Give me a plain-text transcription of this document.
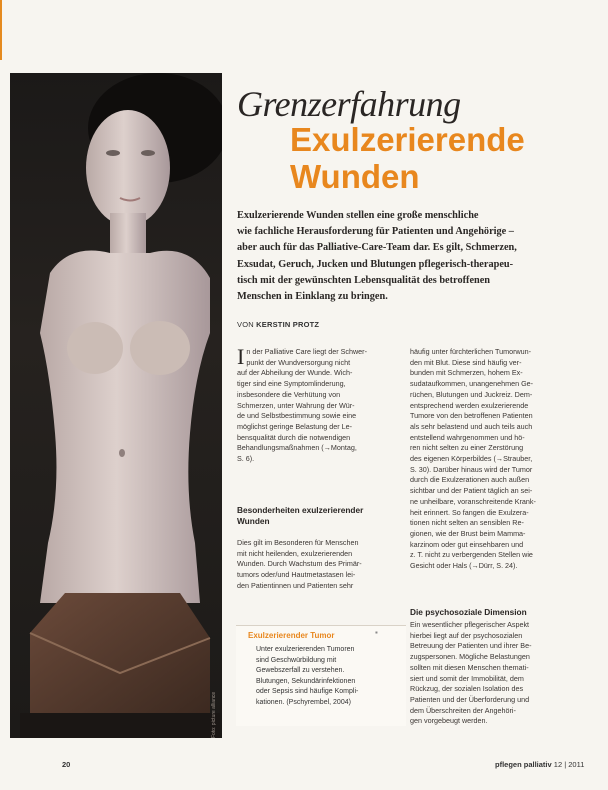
Foto: picture alliance
Grenzerfahrung
Exulzerierende
Wunden
Exulzerierende Wunden stellen eine große menschliche
wie fachliche Herausforderung für Patienten und Angehörige –
aber auch für das Palliative-Care-Team dar. Es gilt, Schmerzen,
Exsudat, Geruch, Jucken und Blutungen pflegerisch-therapeu-
tisch mit der gewünschten Lebensqualität des betroffenen
Menschen in Einklang zu bringen.
VON KERSTIN PROTZ
I n der Palliative Care liegt der Schwer-
punkt der Wundversorgung nicht
auf der Abheilung der Wunde. Wich-
tiger sind eine Symptomlinderung,
insbesondere die Verhütung von
Schmerzen, unter Wahrung der Wür-
de und Selbstbestimmung sowie eine
möglichst geringe Belastung der Le-
bensqualität durch die notwendigen
Behandlungsmaßnahmen (→Montag,
S. 6).
Besonderheiten exulzerierender
Wunden
Dies gilt im Besonderen für Menschen
mit nicht heilenden, exulzerierenden
Wunden. Durch Wachstum des Primär-
tumors oder/und Hautmetastasen lei-
den Patientinnen und Patienten sehr
häufig unter fürchterlichen Tumorwun-
den mit Blut. Diese sind häufig ver-
bunden mit Schmerzen, hohem Ex-
sudataufkommen, unangenehmen Ge-
rüchen, Blutungen und Juckreiz. Dem-
entsprechend werden exulzerierende
Tumore von den betroffenen Patienten
als sehr belastend und auch teils auch
entstellend wahrgenommen und hö-
ren nicht selten zu einer Zerstörung
des eigenen Körperbildes (→Strauber,
S. 30). Darüber hinaus wird der Tumor
durch die Exulzerationen auch außen
sichtbar und der Patient täglich an sei-
ne unheilbare, voranschreitende Krank-
heit erinnert. So fangen die Exulzera-
tionen nicht selten an sensiblen Re-
gionen, wie der Brust beim Mamma-
karzinom oder gut einsehbaren und
z. T. nicht zu verbergenden Stellen wie
Gesicht oder Hals (→Dürr, S. 24).
Die psychosoziale Dimension
Ein wesentlicher pflegerischer Aspekt
hierbei liegt auf der psychosozialen
Betreuung der Patienten und ihrer Be-
zugspersonen. Mögliche Belastungen
sollten mit diesen Menschen themati-
siert und somit der Immobilität, dem
Rückzug, der sozialen Isolation des
Patienten und der Überforderung und
dem Überschreiten der Angehöri-
gen vorgebeugt werden.
Exulzerierender Tumor	▪
Unter exulzerierenden Tumoren
sind Geschwürbildung mit
Gewebszerfall zu verstehen.
Blutungen, Sekundärinfektionen
oder Sepsis sind häufige Kompli-
kationen. (Pschyrembel, 2004)
20	pflegen palliativ 12 | 2011
